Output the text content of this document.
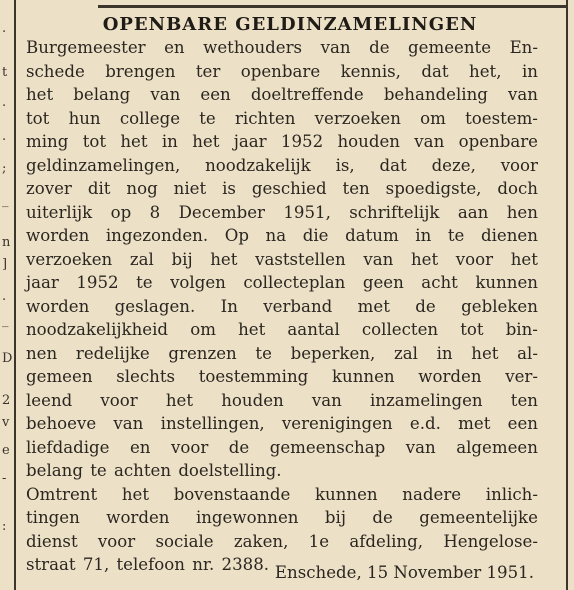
.
t
.
.
;
_
n
]
.
_
D
2
v
e
-
:
OPENBARE GELDINZAMELINGEN
Burgemeester en wethouders van de gemeente En-
schede brengen ter openbare kennis, dat het, in
het belang van een doeltreffende behandeling van
tot hun college te richten verzoeken om toestem-
ming tot het in het jaar 1952 houden van openbare
geldinzamelingen, noodzakelijk is, dat deze, voor
zover dit nog niet is geschied ten spoedigste, doch
uiterlijk op 8 December 1951, schriftelijk aan hen
worden ingezonden. Op na die datum in te dienen
verzoeken zal bij het vaststellen van het voor het
jaar 1952 te volgen collecteplan geen acht kunnen
worden geslagen. In verband met de gebleken
noodzakelijkheid om het aantal collecten tot bin-
nen redelijke grenzen te beperken, zal in het al-
gemeen slechts toestemming kunnen worden ver-
leend voor het houden van inzamelingen ten
behoeve van instellingen, verenigingen e.d. met een
liefdadige en voor de gemeenschap van algemeen
belang te achten doelstelling.
Omtrent het bovenstaande kunnen nadere inlich-
tingen worden ingewonnen bij de gemeentelijke
dienst voor sociale zaken, 1e afdeling, Hengelose-
straat 71, telefoon nr. 2388. Enschede, 15 November 1951.
